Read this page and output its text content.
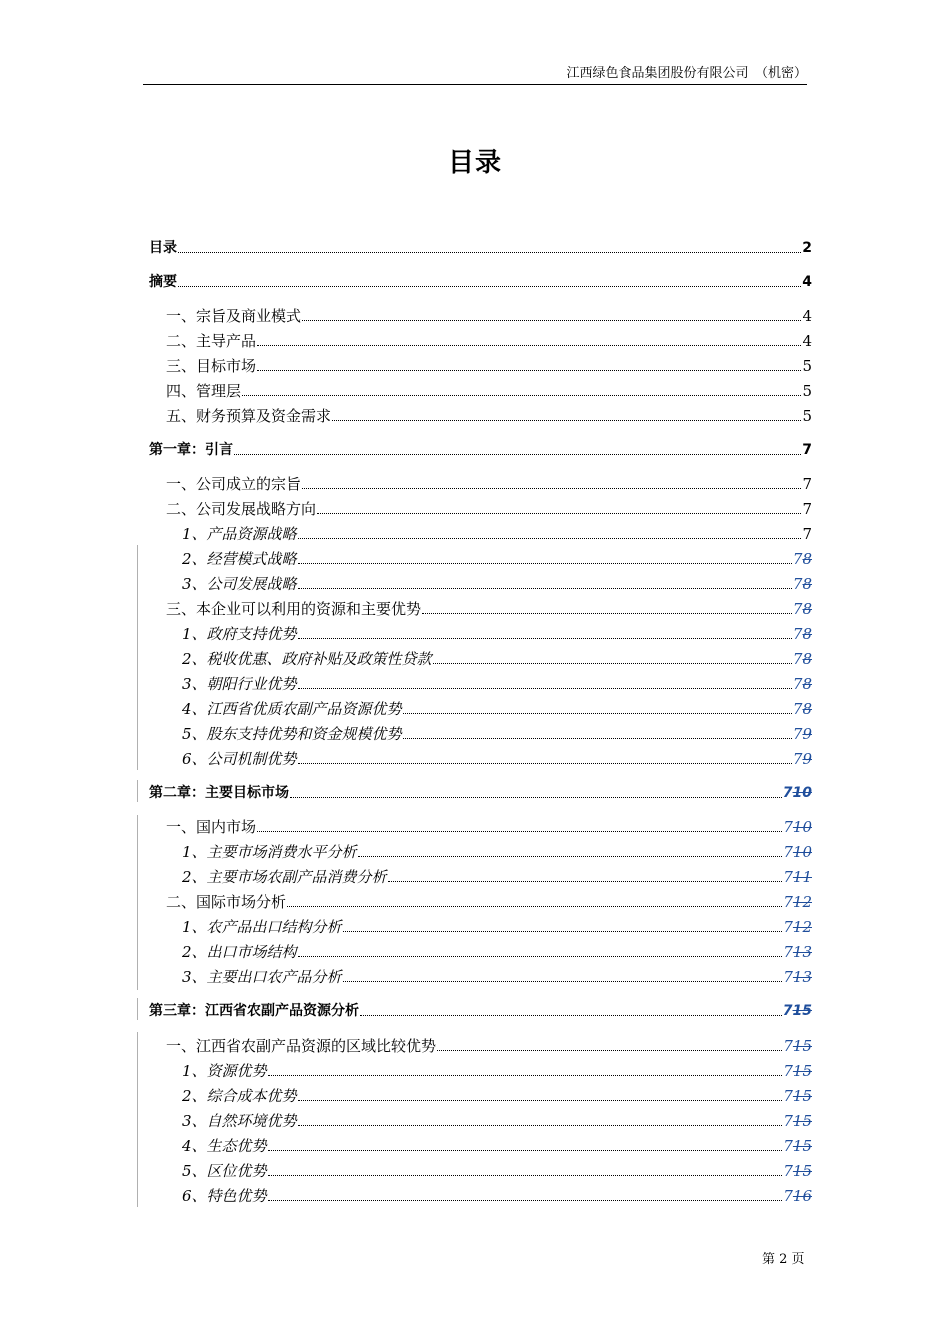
江西绿色食品集团股份有限公司　（机密）
目录
目录	2
摘要	4
一、宗旨及商业模式	4
二、主导产品	4
三、目标市场	5
四、管理层	5
五、财务预算及资金需求	5
第一章：引言	7
一、公司成立的宗旨	7
二、公司发展战略方向	7
1、产品资源战略	7
2、经营模式战略	78
3、公司发展战略	78
三、本企业可以利用的资源和主要优势	78
1、政府支持优势	78
2、税收优惠、政府补贴及政策性贷款	78
3、朝阳行业优势	78
4、江西省优质农副产品资源优势	78
5、股东支持优势和资金规模优势	79
6、公司机制优势	79
第二章：主要目标市场	710
一、国内市场	710
1、主要市场消费水平分析	710
2、主要市场农副产品消费分析	711
二、国际市场分析	712
1、农产品出口结构分析	712
2、出口市场结构	713
3、主要出口农产品分析	713
第三章：江西省农副产品资源分析	715
一、江西省农副产品资源的区域比较优势	715
1、资源优势	715
2、综合成本优势	715
3、自然环境优势	715
4、生态优势	715
5、区位优势	715
6、特色优势	716
第 2 页
